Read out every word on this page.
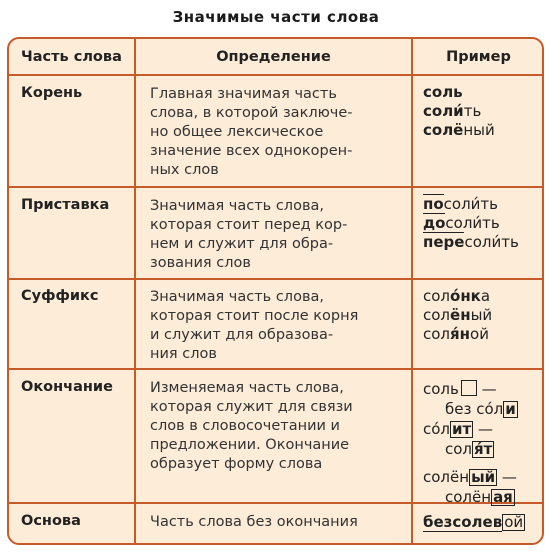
Значимые части слова
Часть слова	Определение	Пример
Корень
Приставка
Суффикс
Окончание
Основа
Главная значимая часть
слова, в которой заключе-
но общее лексическое
значение всех однокорен-
ных слов
Значимая часть слова,
которая стоит перед кор-
нем и служит для обра-
зования слов
Значимая часть слова,
которая стоит после корня
и служит для образова-
ния слов
Изменяемая часть слова,
которая служит для связи
слов в словосочетании и
предложении. Окончание
образует форму слова
Часть слова без окончания
соль
соли́ть
солёный
посоли́ть
досоли́ть
пересоли́ть
соло́нка
солёный
соля́ной
соль —
без со́л и
со́л ит —
сол я́т
солён ый —
солён ая
безсолев ой
